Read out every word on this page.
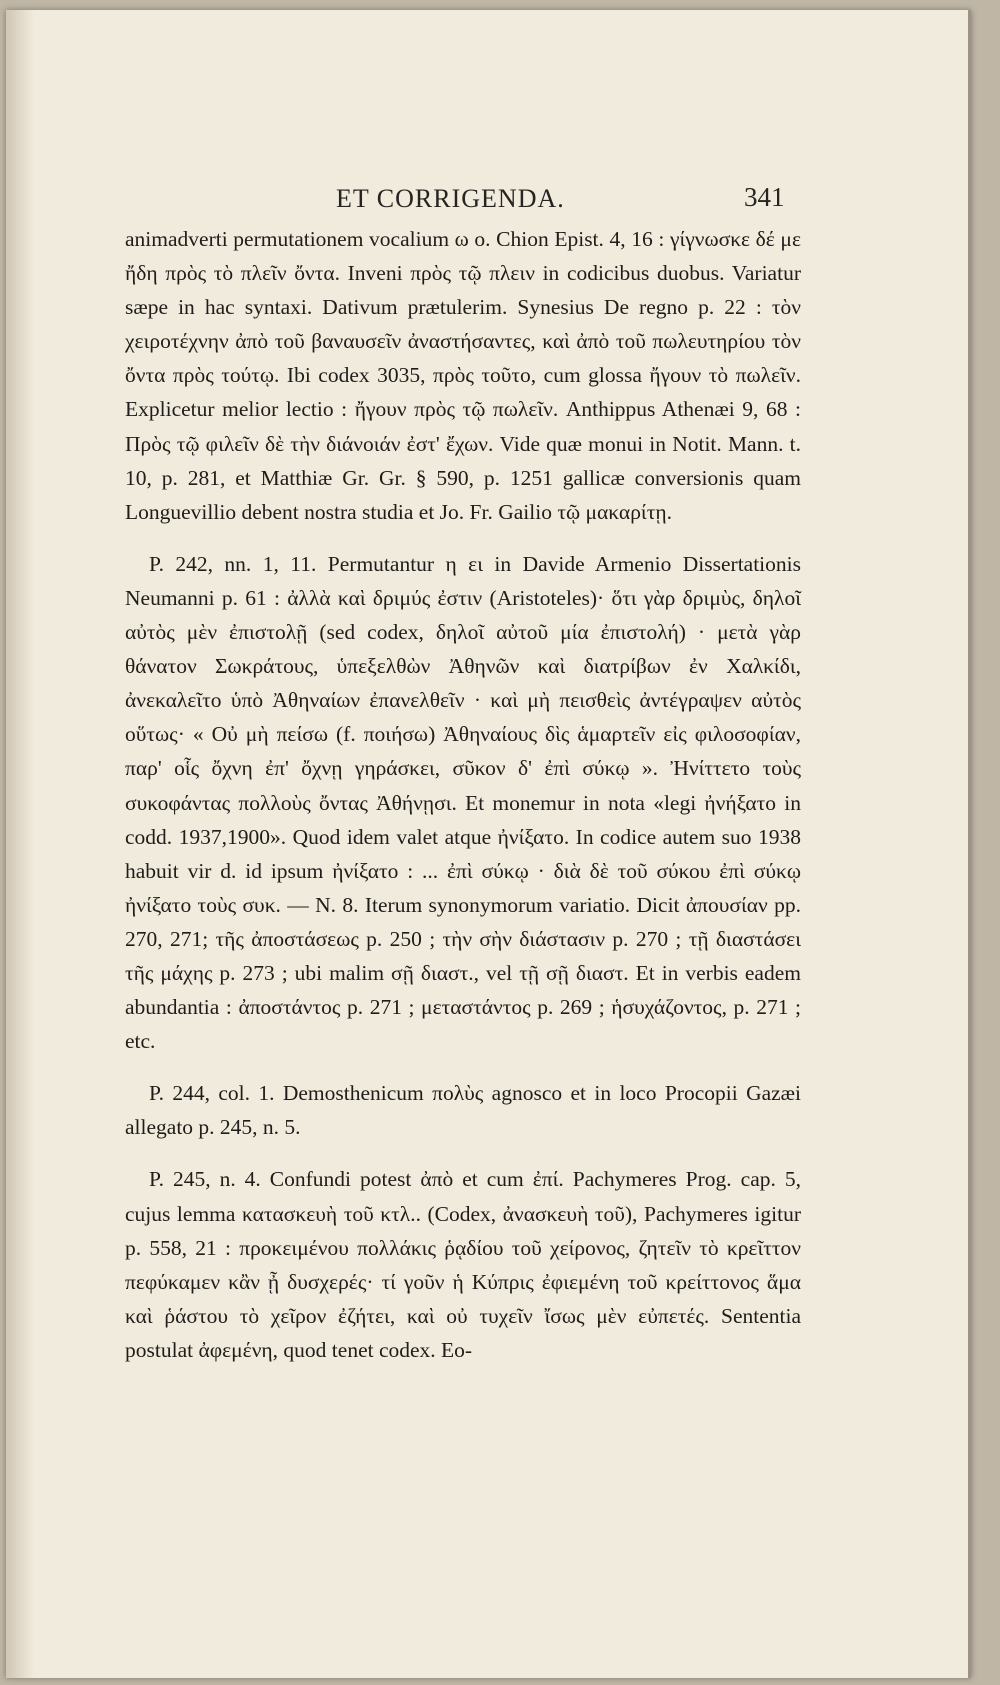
ET CORRIGENDA.	341

animadverti permutationem vocalium ω o. Chion Epist. 4, 16 : γίγνωσκε δέ με ἤδη πρὸς τὸ πλεῖν ὄντα. Inveni πρὸς τῷ πλειν in codicibus duobus. Variatur sæpe in hac syntaxi. Dativum prætulerim. Synesius De regno p. 22 : τὸν χειροτέχνην ἀπὸ τοῦ βαναυσεῖν ἀναστήσαντες, καὶ ἀπὸ τοῦ πωλευτηρίου τὸν ὄντα πρὸς τούτῳ. Ibi codex 3035, πρὸς τοῦτο, cum glossa ἤγουν τὸ πωλεῖν. Explicetur melior lectio : ἤγουν πρὸς τῷ πωλεῖν. Anthippus Athenæi 9, 68 : Πρὸς τῷ φιλεῖν δὲ τὴν διάνοιάν ἐστ' ἔχων. Vide quæ monui in Notit. Mann. t. 10, p. 281, et Matthiæ Gr. Gr. § 590, p. 1251 gallicæ conversionis quam Longuevillio debent nostra studia et Jo. Fr. Gailio τῷ μακαρίτῃ.

P. 242, nn. 1, 11. Permutantur η ει in Davide Armenio Dissertationis Neumanni p. 61 : ἀλλὰ καὶ δριμύς ἐστιν (Aristoteles)· ὅτι γὰρ δριμὺς, δηλοῖ αὐτὸς μὲν ἐπιστολῇ (sed codex, δηλοῖ αὐτοῦ μία ἐπιστολή) · μετὰ γὰρ θάνατον Σωκράτους, ὑπεξελθὼν Ἀθηνῶν καὶ διατρίβων ἐν Χαλκίδι, ἀνεκαλεῖτο ὑπὸ Ἀθηναίων ἐπανελθεῖν · καὶ μὴ πεισθεὶς ἀντέγραψεν αὐτὸς οὕτως· « Οὐ μὴ πείσω (f. ποιήσω) Ἀθηναίους δὶς ἁμαρτεῖν εἰς φιλοσοφίαν, παρ' οἷς ὄχνη ἐπ' ὄχνῃ γηράσκει, σῦκον δ' ἐπὶ σύκῳ ». Ἠνίττετο τοὺς συκοφάντας πολλοὺς ὄντας Ἀθήνῃσι. Et monemur in nota «legi ἠνήξατο in codd. 1937,1900». Quod idem valet atque ἠνίξατο. In codice autem suo 1938 habuit vir d. id ipsum ἠνίξατο : ... ἐπὶ σύκῳ · διὰ δὲ τοῦ σύκου ἐπὶ σύκῳ ἠνίξατο τοὺς συκ. — N. 8. Iterum synonymorum variatio. Dicit ἀπουσίαν pp. 270, 271; τῆς ἀποστάσεως p. 250 ; τὴν σὴν διάστασιν p. 270 ; τῇ διαστάσει τῆς μάχης p. 273 ; ubi malim σῇ διαστ., vel τῇ σῇ διαστ. Et in verbis eadem abundantia : ἀποστάντος p. 271 ; μεταστάντος p. 269 ; ἡσυχάζοντος, p. 271 ; etc.

P. 244, col. 1. Demosthenicum πολὺς agnosco et in loco Procopii Gazæi allegato p. 245, n. 5.

P. 245, n. 4. Confundi potest ἀπὸ et cum ἐπί. Pachymeres Prog. cap. 5, cujus lemma κατασκευὴ τοῦ κτλ.. (Codex, ἀνασκευὴ τοῦ), Pachymeres igitur p. 558, 21 : προκειμένου πολλάκις ῥᾳδίου τοῦ χείρονος, ζητεῖν τὸ κρεῖττον πεφύκαμεν κἂν ᾖ δυσχερές· τί γοῦν ἡ Κύπρις ἐφιεμένη τοῦ κρείττονος ἅμα καὶ ῥάστου τὸ χεῖρον ἐζήτει, καὶ οὐ τυχεῖν ἴσως μὲν εὐπετές. Sententia postulat ἀφεμένη, quod tenet codex. Eo-
